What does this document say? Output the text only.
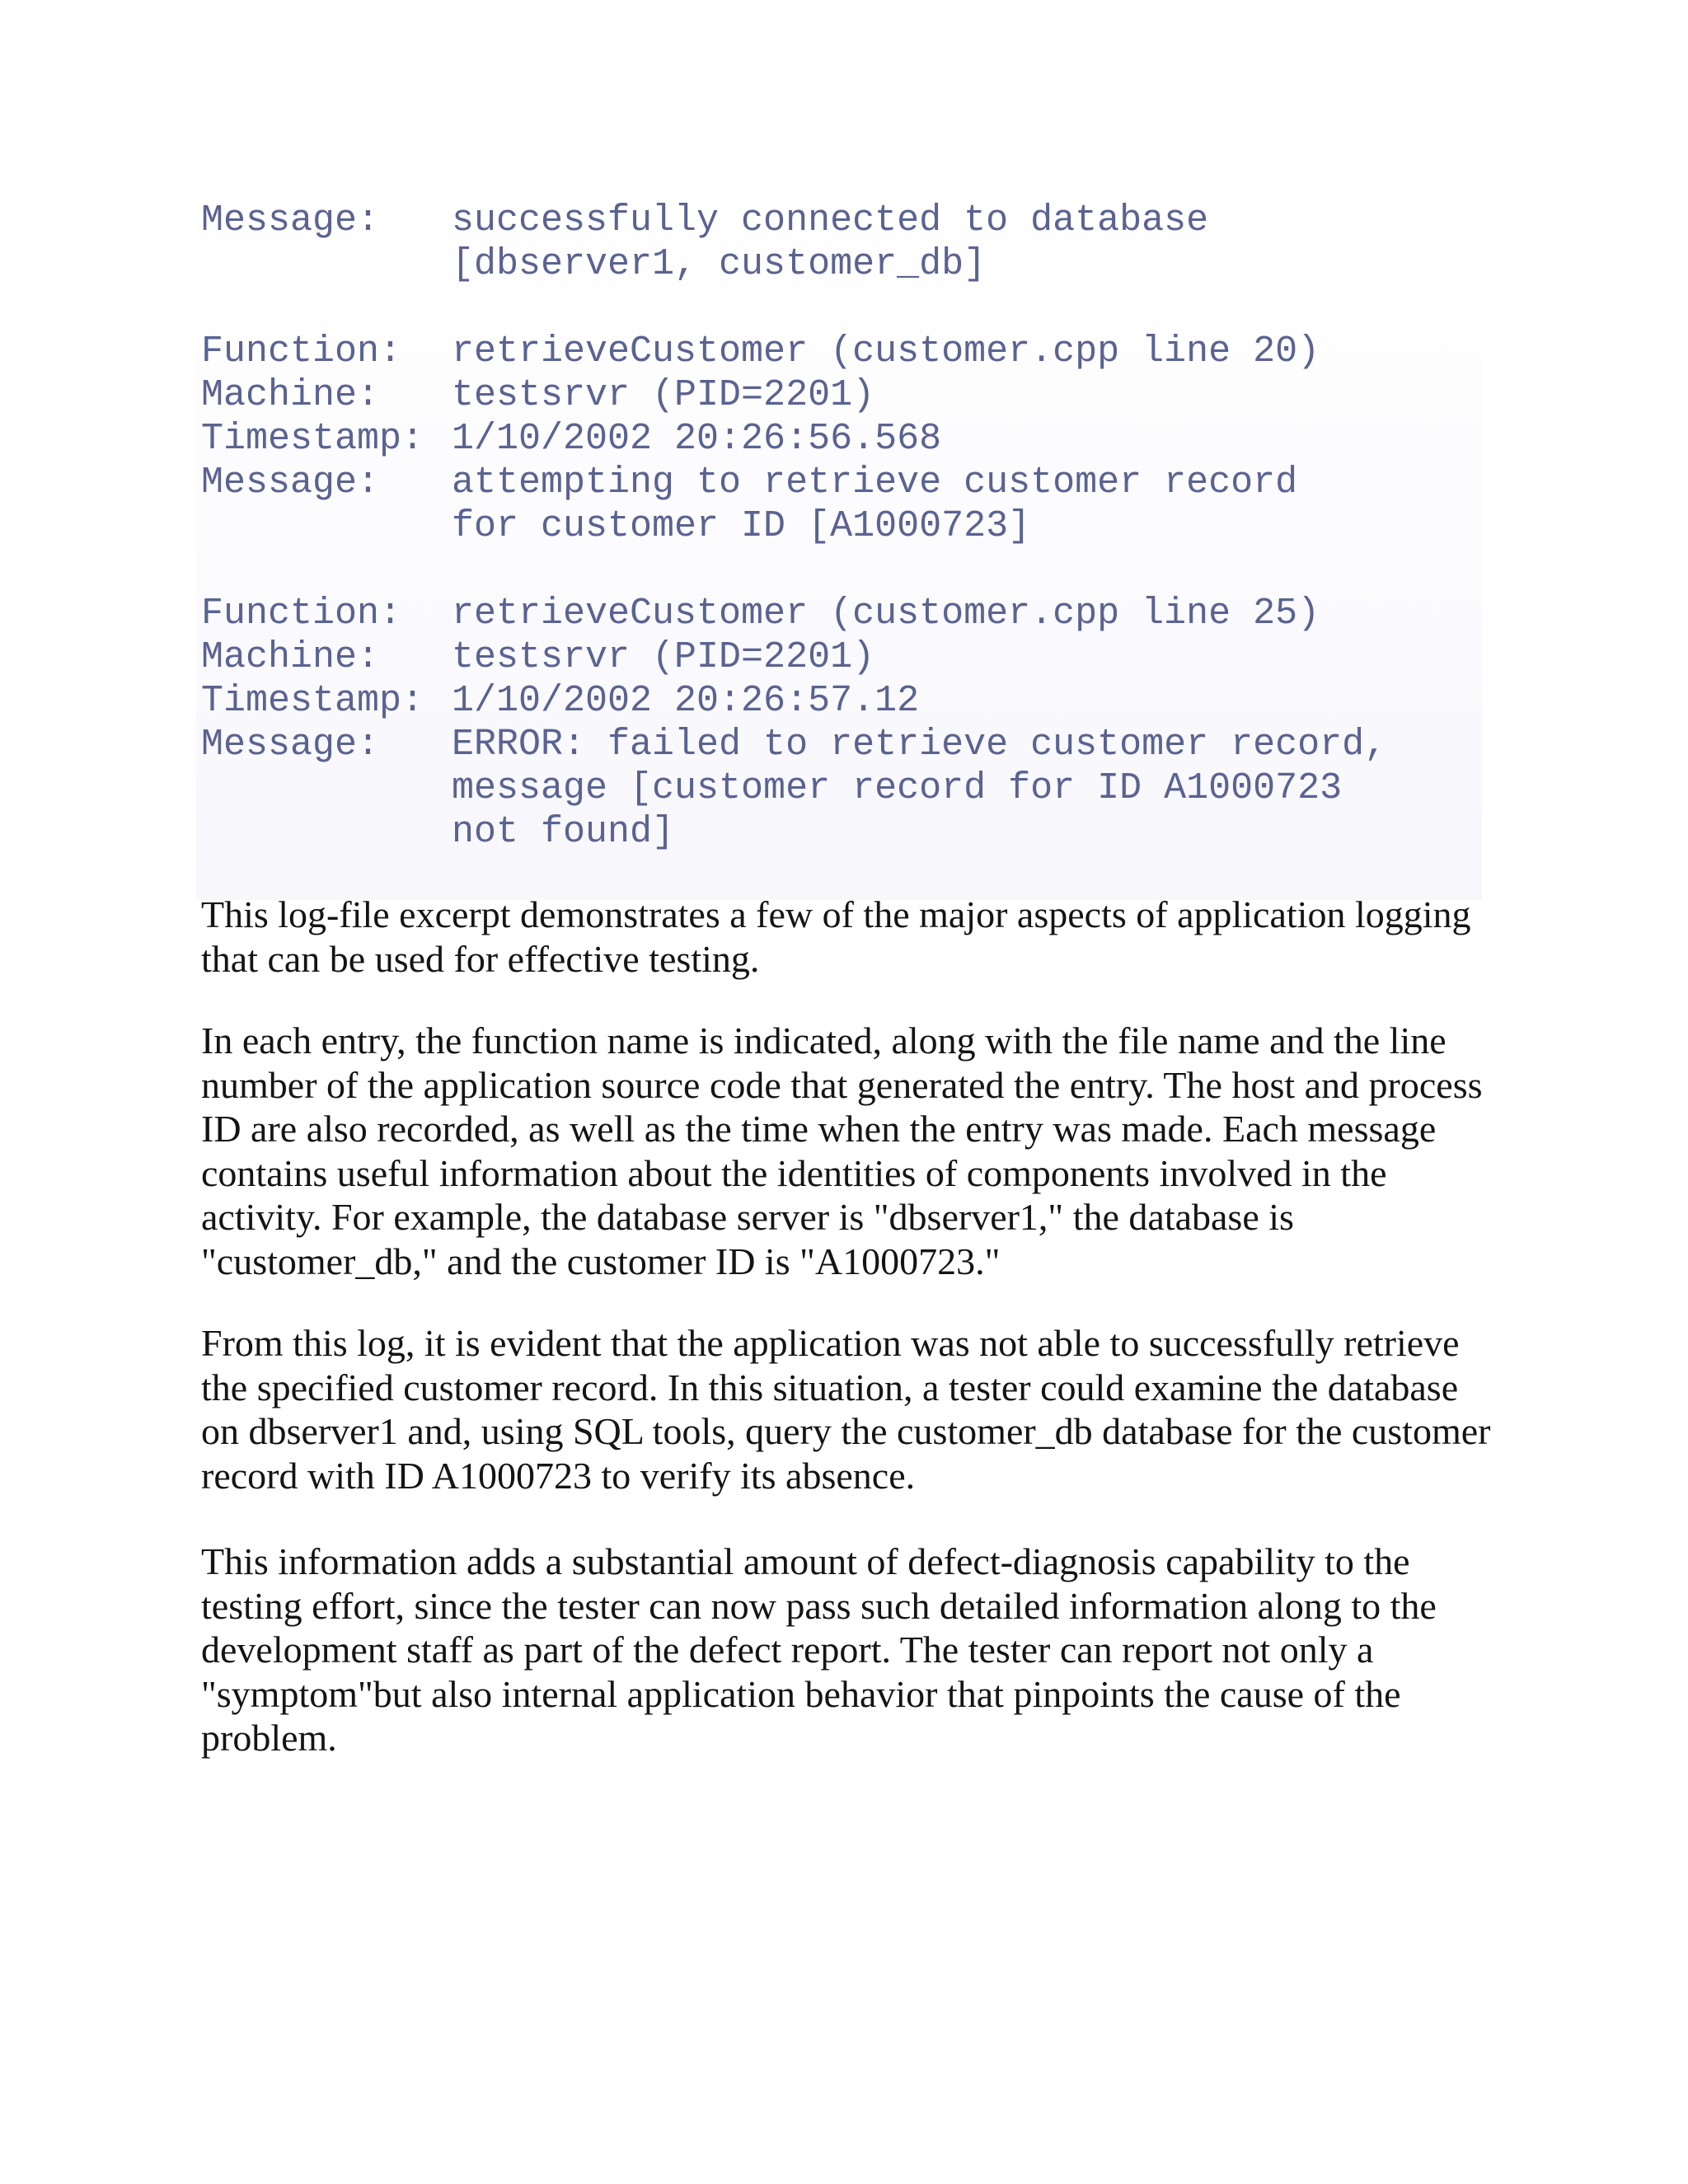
Message:	successfully connected to database
[dbserver1, customer_db]
Function:	retrieveCustomer (customer.cpp line 20)
Machine:	testsrvr (PID=2201)
Timestamp: 1/10/2002 20:26:56.568
Message:	attempting to retrieve customer record
for customer ID [A1000723]
Function:	retrieveCustomer (customer.cpp line 25)
Machine:	testsrvr (PID=2201)
Timestamp: 1/10/2002 20:26:57.12
Message:	ERROR: failed to retrieve customer record,
message [customer record for ID A1000723
not found]

This log-file excerpt demonstrates a few of the major aspects of application logging that can be used for effective testing.

In each entry, the function name is indicated, along with the file name and the line number of the application source code that generated the entry. The host and process ID are also recorded, as well as the time when the entry was made. Each message contains useful information about the identities of components involved in the activity. For example, the database server is "dbserver1," the database is "customer_db," and the customer ID is "A1000723."

From this log, it is evident that the application was not able to successfully retrieve the specified customer record. In this situation, a tester could examine the database on dbserver1 and, using SQL tools, query the customer_db database for the customer record with ID A1000723 to verify its absence.

This information adds a substantial amount of defect-diagnosis capability to the testing effort, since the tester can now pass such detailed information along to the development staff as part of the defect report. The tester can report not only a "symptom"but also internal application behavior that pinpoints the cause of the problem.
